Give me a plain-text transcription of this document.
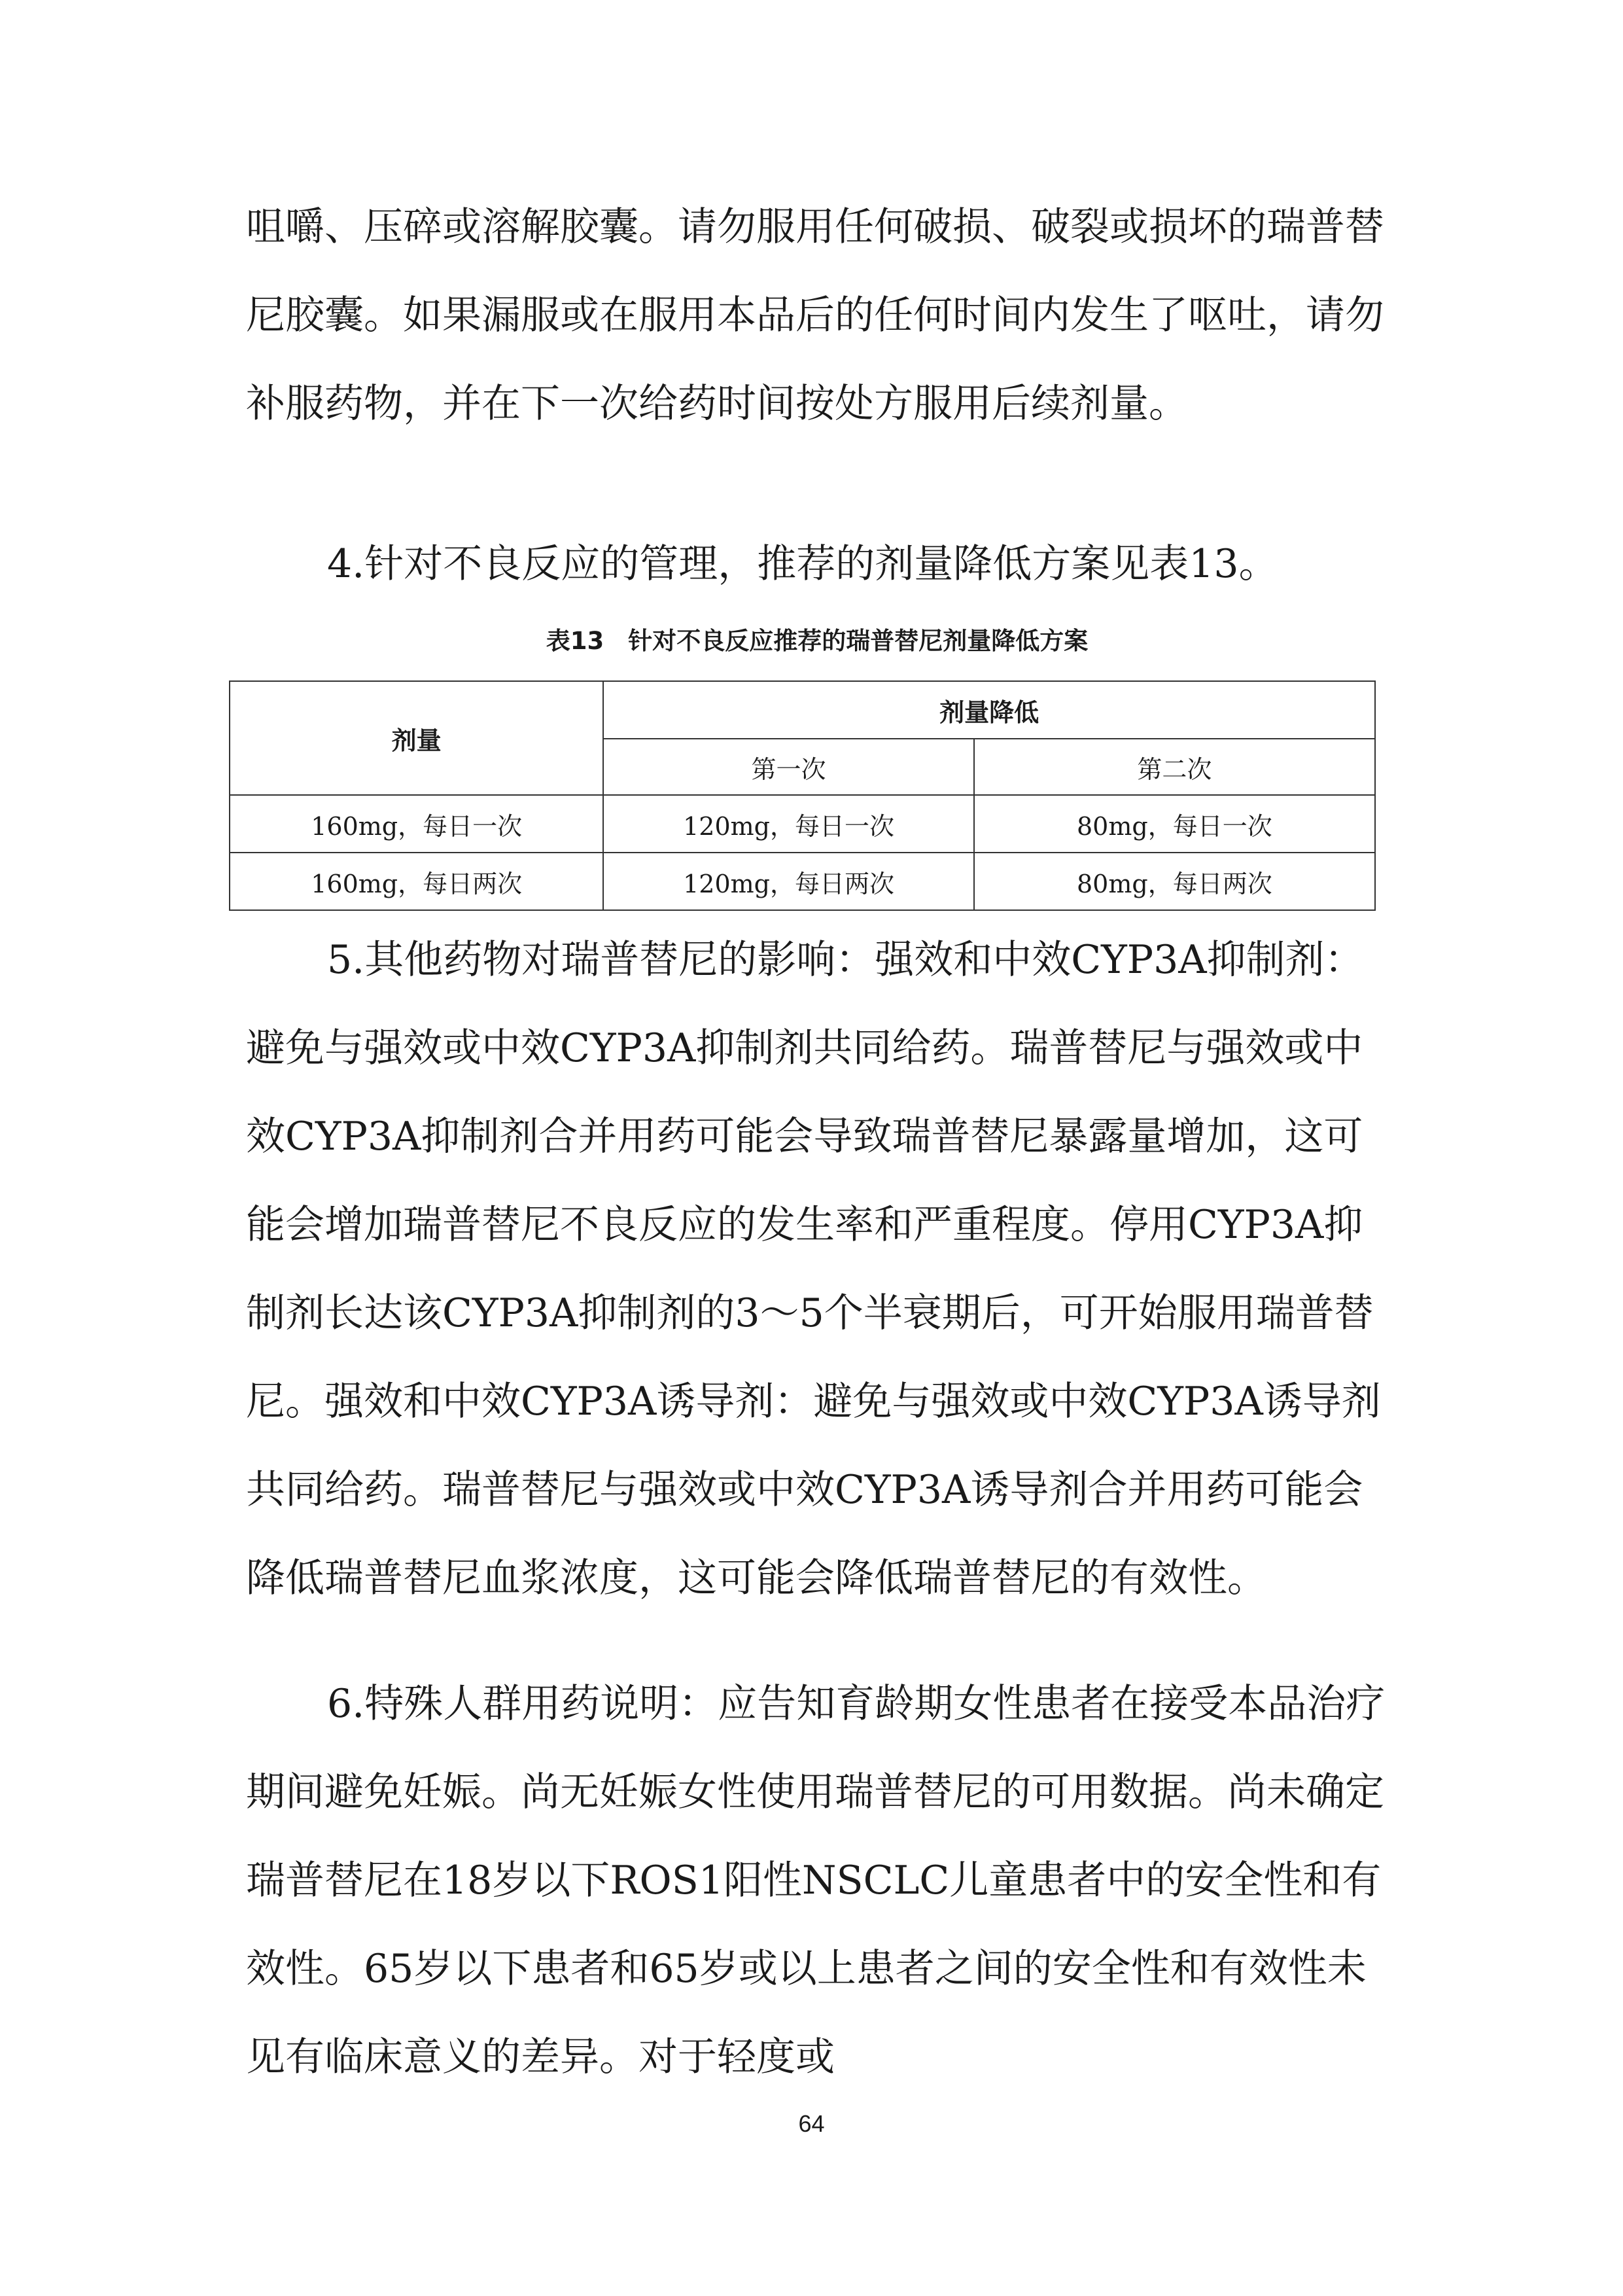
咀嚼、压碎或溶解胶囊。请勿服用任何破损、破裂或损坏的瑞普替尼胶囊。如果漏服或在服用本品后的任何时间内发生了呕吐，请勿补服药物，并在下一次给药时间按处方服用后续剂量。

4.针对不良反应的管理，推荐的剂量降低方案见表13。

表13　针对不良反应推荐的瑞普替尼剂量降低方案
剂量	剂量降低	
	第一次	第二次
160mg，每日一次	120mg，每日一次	80mg，每日一次
160mg，每日两次	120mg，每日两次	80mg，每日两次

5.其他药物对瑞普替尼的影响：强效和中效CYP3A抑制剂：避免与强效或中效CYP3A抑制剂共同给药。瑞普替尼与强效或中效CYP3A抑制剂合并用药可能会导致瑞普替尼暴露量增加，这可能会增加瑞普替尼不良反应的发生率和严重程度。停用CYP3A抑制剂长达该CYP3A抑制剂的3～5个半衰期后，可开始服用瑞普替尼。强效和中效CYP3A诱导剂：避免与强效或中效CYP3A诱导剂共同给药。瑞普替尼与强效或中效CYP3A诱导剂合并用药可能会降低瑞普替尼血浆浓度，这可能会降低瑞普替尼的有效性。

6.特殊人群用药说明：应告知育龄期女性患者在接受本品治疗期间避免妊娠。尚无妊娠女性使用瑞普替尼的可用数据。尚未确定瑞普替尼在18岁以下ROS1阳性NSCLC儿童患者中的安全性和有效性。65岁以下患者和65岁或以上患者之间的安全性和有效性未见有临床意义的差异。对于轻度或

64
